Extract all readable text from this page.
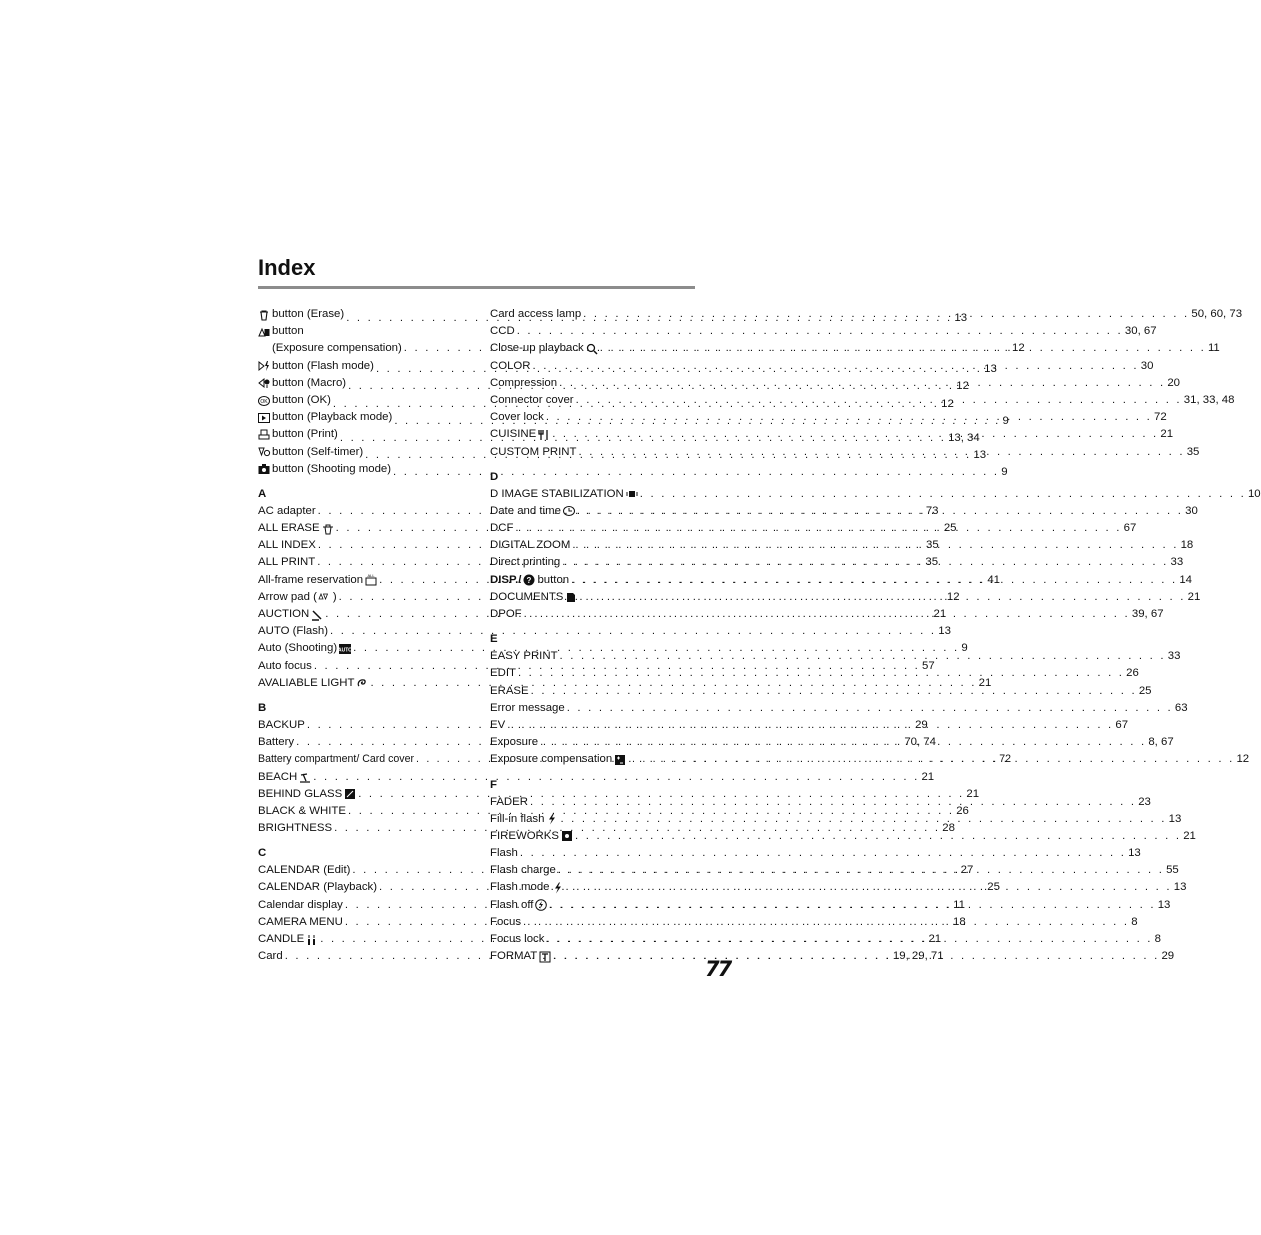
Index
button (Erase) . . .	13
button
(Exposure compensation) . . .	12
button (Flash mode) . . .	13
button (Macro) . . .	12
OK button (OK) . . .	12
button (Playback mode) . . .	9
button (Print) . . .	13, 34
button (Self-timer) . . .	13
button (Shooting mode) . . .	9
A
AC adapter . . .	73
ALL ERASE . . .	25
ALL INDEX . . .	35
ALL PRINT . . .	35
All-frame reservation ALL . . .	41
Arrow pad ( ) . . .	12
AUCTION . . .	21
AUTO (Flash) . . .	13
Auto (Shooting) AUTO . . .	9
Auto focus . . .	57
AVALIABLE LIGHT . . .	21
B
BACKUP . . .	29
Battery . . .	70, 74
Battery compartment/ Card cover . . .	72
BEACH . . .	21
BEHIND GLASS . . .	21
BLACK & WHITE . . .	26
BRIGHTNESS . . .	28
C
CALENDAR (Edit) . . .	27
CALENDAR (Playback) . . .	25
Calendar display . . .	11
CAMERA MENU . . .	18
CANDLE . . .	21
Card . . .	19, 29, 71
Card access lamp . . .	50, 60, 73
CCD . . .	30, 67
Close-up playback . . .	11
COLOR . . .	30
Compression . . .	20
Connector cover . . .	31, 33, 48
Cover lock . . .	72
CUISINE . . .	21
CUSTOM PRINT . . .	35
D
D IMAGE STABILIZATION . . .	10
Date and time . . .	30
DCF . . .	67
DIGITAL ZOOM . . .	18
Direct printing . . .	33
DISP./ ? button . . .	14
DOCUMENTS . . .	21
DPOF . . .	39, 67
E
EASY PRINT . . .	33
EDIT . . .	26
ERASE . . .	25
Error message . . .	63
EV . . .	67
Exposure . . .	8, 67
Exposure compensation . . .	12
F
FADER . . .	23
Fill-in flash . . .	13
FIREWORKS . . .	21
Flash . . .	13
Flash charge . . .	55
Flash mode . . .	13
Flash off . . .	13
Focus . . .	8
Focus lock . . .	8
FORMAT . . .	29
77
